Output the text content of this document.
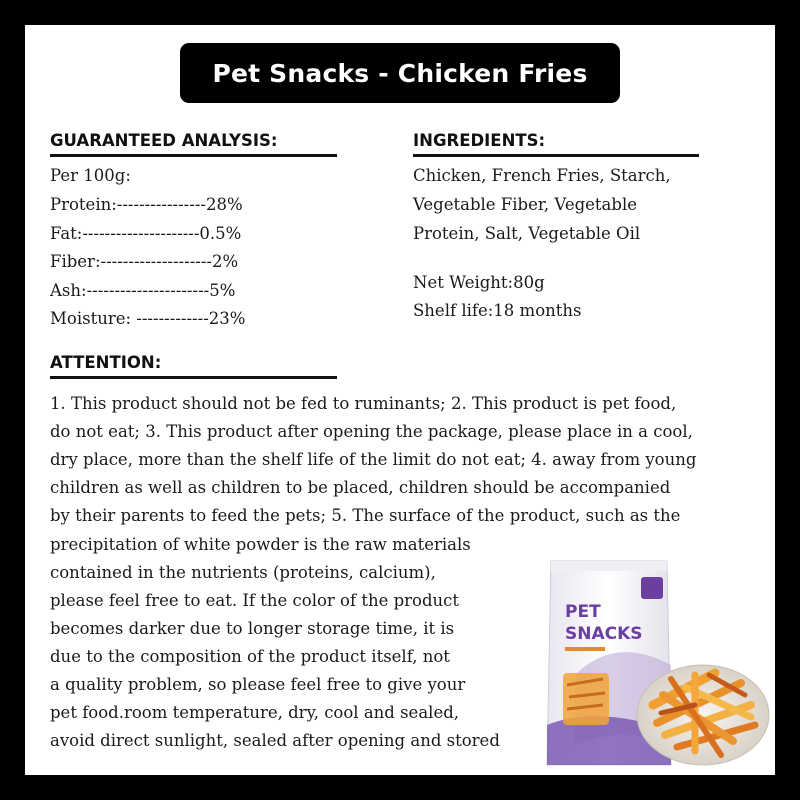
Pet Snacks - Chicken Fries
GUARANTEED ANALYSIS:
Per 100g:
Protein:----------------28%
Fat:---------------------0.5%
Fiber:--------------------2%
Ash:----------------------5%
Moisture: -------------23%
INGREDIENTS:
Chicken, French Fries, Starch,
Vegetable Fiber, Vegetable
Protein, Salt, Vegetable Oil
Net Weight:80g
Shelf life:18 months
ATTENTION:
1. This product should not be fed to ruminants; 2. This product is pet food,
do not eat; 3. This product after opening the package, please place in a cool,
dry place, more than the shelf life of the limit do not eat; 4. away from young
children as well as children to be placed, children should be accompanied
by their parents to feed the pets; 5. The surface of the product, such as the
precipitation of white powder is the raw materials
contained in the nutrients (proteins, calcium),
please feel free to eat. If the color of the product
becomes darker due to longer storage time, it is
due to the composition of the product itself, not
a quality problem, so please feel free to give your
pet food.room temperature, dry, cool and sealed,
avoid direct sunlight, sealed after opening and stored
PET
SNACKS
